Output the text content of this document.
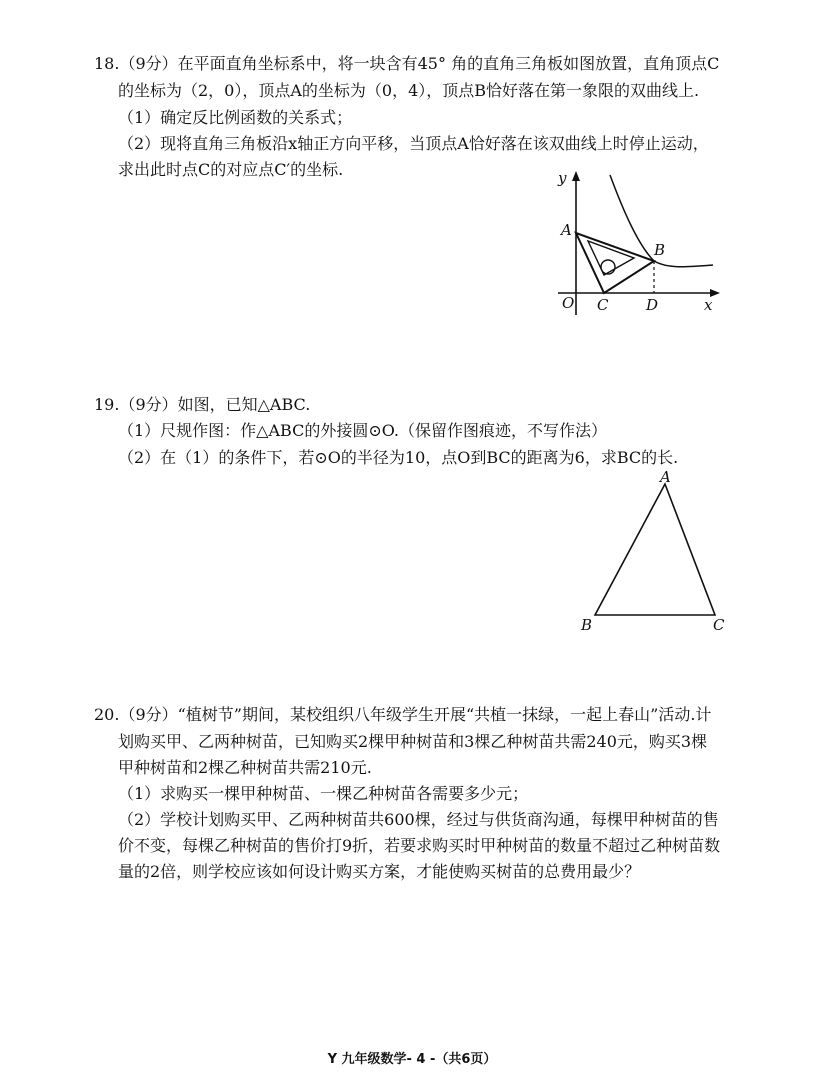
18.（9分）在平面直角坐标系中，将一块含有45° 角的直角三角板如图放置，直角顶点C
的坐标为（2，0），顶点A的坐标为（0，4），顶点B恰好落在第一象限的双曲线上.
（1）确定反比例函数的关系式；
（2）现将直角三角板沿x轴正方向平移，当顶点A恰好落在该双曲线上时停止运动，
求出此时点C的对应点C′的坐标.	y
A
B
O C	D	x
19.（9分）如图，已知△ABC.
（1）尺规作图：作△ABC的外接圆⊙O.（保留作图痕迹，不写作法）
（2）在（1）的条件下，若⊙O的半径为10，点O到BC的距离为6，求BC的长.
A
B	C
20.（9分）“植树节”期间，某校组织八年级学生开展“共植一抹绿，一起上春山”活动.计
划购买甲、乙两种树苗，已知购买2棵甲种树苗和3棵乙种树苗共需240元，购买3棵
甲种树苗和2棵乙种树苗共需210元.
（1）求购买一棵甲种树苗、一棵乙种树苗各需要多少元；
（2）学校计划购买甲、乙两种树苗共600棵，经过与供货商沟通，每棵甲种树苗的售
价不变，每棵乙种树苗的售价打9折，若要求购买时甲种树苗的数量不超过乙种树苗数
量的2倍，则学校应该如何设计购买方案，才能使购买树苗的总费用最少？
Y 九年级数学- 4 -（共6页）
